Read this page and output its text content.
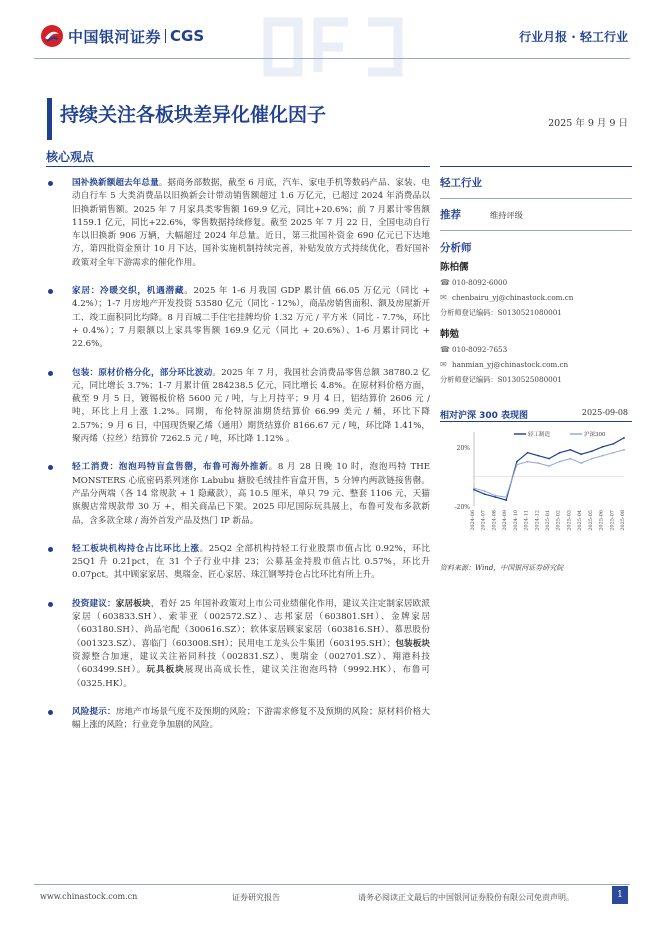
中国银河证券 CGS	行业月报 · 轻工行业
持续关注各板块差异化催化因子	2025 年 9 月 9 日
核心观点
国补换新额超去年总量。据商务部数据，截至 6 月底，汽车、家电手机等数码产品、家装、电动自行车 5 大类消费品以旧换新会计带动销售额超过 1.6 万亿元，已超过 2024 年消费品以旧换新销售额。2025 年 7 月家具类零售额 169.9 亿元，同比+20.6%；前 7 月累计零售额 1159.1 亿元，同比+22.6%，零售数据持续修复。截至 2025 年 7 月 22 日，全国电动自行车以旧换新 906 万辆，大幅超过 2024 年总量。近日，第三批国补资金 690 亿元已下达地方，第四批资金预计 10 月下达，国补实施机制持续完善，补贴发放方式持续优化，看好国补政策对全年下游需求的催化作用。
家居：冷暖交织，机遇潜藏。2025 年 1-6 月我国 GDP 累计值 66.05 万亿元（同比 + 4.2%）；1-7 月房地产开发投资 53580 亿元（同比 - 12%），商品房销售面积、额及房屋新开工、竣工面积同比均降。8 月百城二手住宅挂牌均价 1.32 万元 / 平方米（同比 - 7.7%，环比 + 0.4%）；7 月限额以上家具零售额 169.9 亿元（同比 + 20.6%）、1-6 月累计同比 + 22.6%。
包装：原材价格分化，部分环比波动。2025 年 7 月，我国社会消费品零售总额 38780.2 亿元，同比增长 3.7%；1-7 月累计值 284238.5 亿元，同比增长 4.8%。在原材料价格方面，截至 9 月 5 日，镀锡板价格 5600 元 / 吨，与上月持平；9 月 4 日，铝结算价 2606 元 / 吨，环比上月上涨 1.2%。同期，布伦特原油期货结算价 66.99 美元 / 桶，环比下降 2.57%；9 月 6 日，中国现货聚乙烯（通用）期货结算价 8166.67 元 / 吨，环比降 1.41%，聚丙烯（拉丝）结算价 7262.5 元 / 吨，环比降 1.12% 。
轻工消费：泡泡玛特盲盒售罄，布鲁可海外推新。8 月 28 日晚 10 时，泡泡玛特 THE MONSTERS 心底密码系列迷你 Labubu 搪胶毛绒挂件盲盒开售，5 分钟内两款链接售罄。产品分两端（各 14 常规款 + 1 隐藏款），高 10.5 厘米，单只 79 元、整套 1106 元，天猫旗舰店常规款带 30 万 +，相关商品已下架。2025 印尼国际玩具展上，布鲁可发布多款新品，含多款全球 / 海外首发产品及热门 IP 新品。
轻工板块机构持仓占比环比上涨。25Q2 全部机构持轻工行业股票市值占比 0.92%，环比 25Q1 升 0.21pct，在 31 个子行业中排 23；公募基金持股市值占比 0.57%，环比升 0.07pct。其中顾家家居、奥瑞金、匠心家居、珠江钢琴持仓占比环比有所上升。
投资建议：家居板块，看好 25 年国补政策对上市公司业绩催化作用，建议关注定制家居欧派家居（603833.SH）、索菲亚（002572.SZ）、志邦家居（603801.SH）、金牌家居（603180.SH）、尚品宅配（300616.SZ）；软体家居顾家家居（603816.SH）、慕思股份（001323.SZ）、喜临门（603008.SH）；民用电工龙头公牛集团（603195.SH）；包装板块资源整合加速，建议关注裕同科技（002831.SZ）、奥瑞金（002701.SZ）、翔港科技（603499.SH）。玩具板块展现出高成长性，建议关注泡泡玛特（9992.HK）、布鲁可（0325.HK）。
风险提示：房地产市场景气度不及预期的风险；下游需求修复不及预期的风险；原材料价格大幅上涨的风险；行业竞争加剧的风险。
轻工行业
推荐	维持评级
分析师
陈柏儒
☎ 010-8092-6000
✉ chenbairu_yj@chinastock.com.cn
分析师登记编码：S0130521080001
韩勉
☎ 010-8092-7653
✉ hanmian_yj@chinastock.com.cn
分析师登记编码：S0130525080001
相对沪深 300 表现图	2025-09-08
20%
-20%
2024-06 2024-07 2024-08 2024-09 2024-10 2024-11 2024-12 2025-01 2025-02 2025-03 2025-04 2025-05 2025-06 2025-07 2025-08
轻工制造	沪深300
资料来源：Wind，中国银河证券研究院
www.chinastock.com.cn	证券研究报告	请务必阅读正文最后的中国银河证券股份有限公司免责声明。	1
